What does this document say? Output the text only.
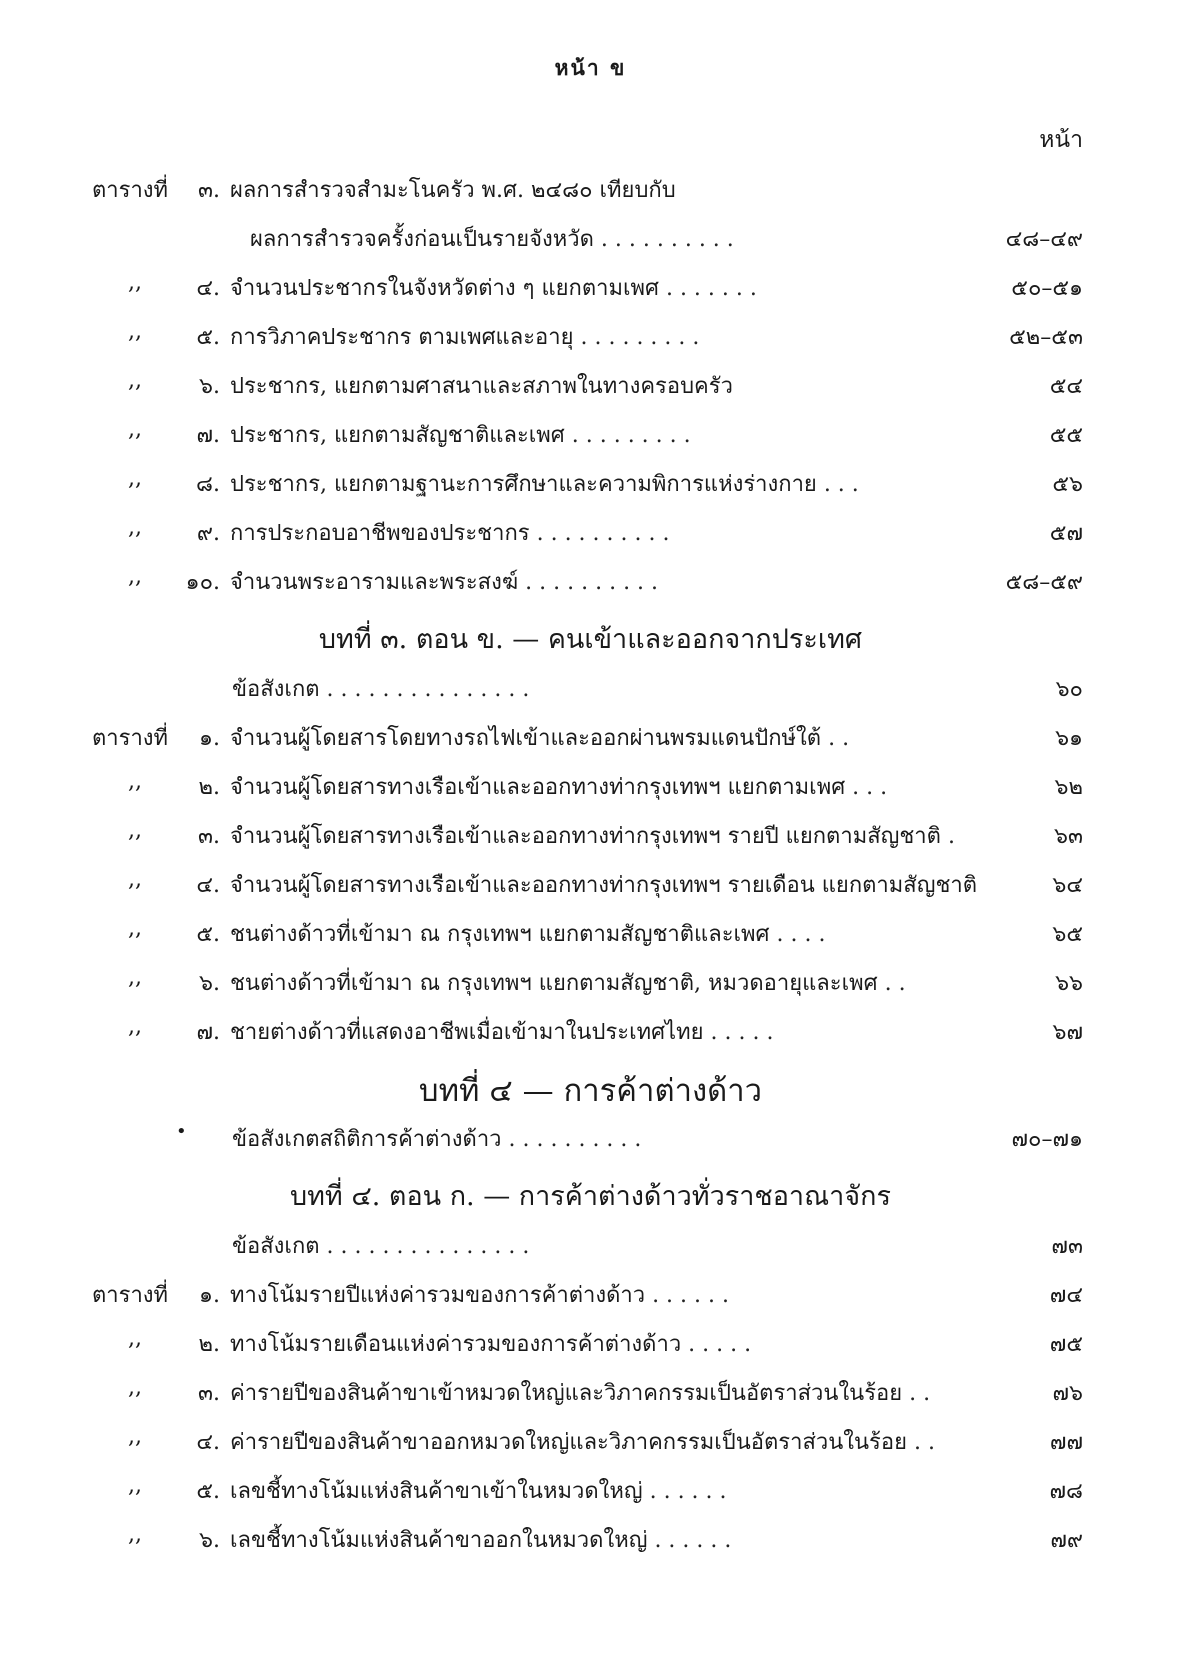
หน้า ข
หน้า
ตารางที่	๓. ผลการสำรวจสำมะโนครัว พ.ศ. ๒๔๘๐ เทียบกับ
ผลการสำรวจครั้งก่อนเป็นรายจังหวัด . . . . . . . . . .	๔๘–๔๙
,,	๔. จำนวนประชากรในจังหวัดต่าง ๆ แยกตามเพศ . . . . . . .	๕๐–๕๑
,,	๕. การวิภาคประชากร ตามเพศและอายุ . . . . . . . . .	๕๒–๕๓
,,	๖. ประชากร, แยกตามศาสนาและสภาพในทางครอบครัว	๕๔
,,	๗. ประชากร, แยกตามสัญชาติและเพศ . . . . . . . . .	๕๕
,,	๘. ประชากร, แยกตามฐานะการศึกษาและความพิการแห่งร่างกาย . . .	๕๖
,,	๙. การประกอบอาชีพของประชากร . . . . . . . . . .	๕๗
,,	๑๐. จำนวนพระอารามและพระสงฆ์ . . . . . . . . . .	๕๘–๕๙
บทที่ ๓. ตอน ข. — คนเข้าและออกจากประเทศ
ข้อสังเกต . . . . . . . . . . . . . . .	๖๐
ตารางที่	๑. จำนวนผู้โดยสารโดยทางรถไฟเข้าและออกผ่านพรมแดนปักษ์ใต้ . .	๖๑
,,	๒. จำนวนผู้โดยสารทางเรือเข้าและออกทางท่ากรุงเทพฯ แยกตามเพศ . . .	๖๒
,,	๓. จำนวนผู้โดยสารทางเรือเข้าและออกทางท่ากรุงเทพฯ รายปี แยกตามสัญชาติ .	๖๓
,,	๔. จำนวนผู้โดยสารทางเรือเข้าและออกทางท่ากรุงเทพฯ รายเดือน แยกตามสัญชาติ	๖๔
,,	๕. ชนต่างด้าวที่เข้ามา ณ กรุงเทพฯ แยกตามสัญชาติและเพศ . . . .	๖๕
,,	๖. ชนต่างด้าวที่เข้ามา ณ กรุงเทพฯ แยกตามสัญชาติ, หมวดอายุและเพศ . .	๖๖
,,	๗. ชายต่างด้าวที่แสดงอาชีพเมื่อเข้ามาในประเทศไทย . . . . .	๖๗
บทที่ ๔ — การค้าต่างด้าว
• ข้อสังเกตสถิติการค้าต่างด้าว . . . . . . . . . .	๗๐–๗๑
บทที่ ๔. ตอน ก. — การค้าต่างด้าวทั่วราชอาณาจักร
ข้อสังเกต . . . . . . . . . . . . . . .	๗๓
ตารางที่	๑. ทางโน้มรายปีแห่งค่ารวมของการค้าต่างด้าว . . . . . .	๗๔
,,	๒. ทางโน้มรายเดือนแห่งค่ารวมของการค้าต่างด้าว . . . . .	๗๕
,,	๓. ค่ารายปีของสินค้าขาเข้าหมวดใหญ่และวิภาคกรรมเป็นอัตราส่วนในร้อย . .	๗๖
,,	๔. ค่ารายปีของสินค้าขาออกหมวดใหญ่และวิภาคกรรมเป็นอัตราส่วนในร้อย . .	๗๗
,,	๕. เลขชี้ทางโน้มแห่งสินค้าขาเข้าในหมวดใหญ่ . . . . . .	๗๘
,,	๖. เลขชี้ทางโน้มแห่งสินค้าขาออกในหมวดใหญ่ . . . . . .	๗๙
